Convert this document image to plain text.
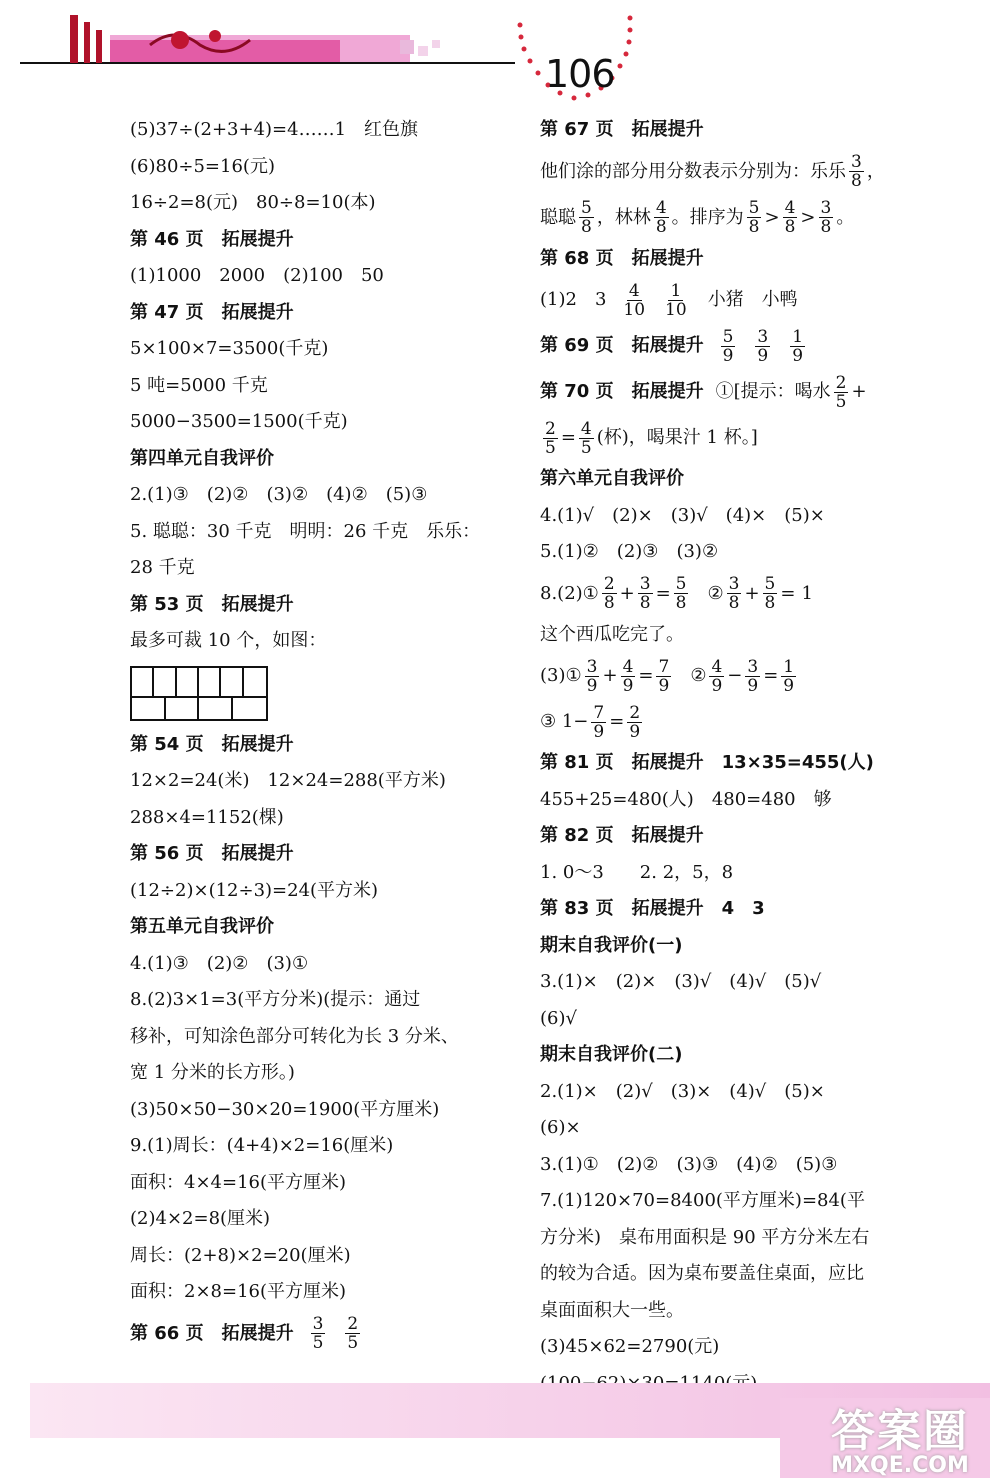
106
(5)37÷(2+3+4)=4……1　红色旗
(6)80÷5=16(元)
16÷2=8(元)　80÷8=10(本)
第 46 页　拓展提升
(1)1000　2000　(2)100　50
第 47 页　拓展提升
5×100×7=3500(千克)
5 吨=5000 千克
5000−3500=1500(千克)
第四单元自我评价
2.(1)③　(2)②　(3)②　(4)②　(5)③
5. 聪聪：30 千克　明明：26 千克　乐乐：
28 千克
第 53 页　拓展提升
最多可裁 10 个，如图：
第 54 页　拓展提升
12×2=24(米)　12×24=288(平方米)
288×4=1152(棵)
第 56 页　拓展提升
(12÷2)×(12÷3)=24(平方米)
第五单元自我评价
4.(1)③　(2)②　(3)①
8.(2)3×1=3(平方分米)(提示：通过
移补，可知涂色部分可转化为长 3 分米、
宽 1 分米的长方形。)
(3)50×50−30×20=1900(平方厘米)
9.(1)周长：(4+4)×2=16(厘米)
面积：4×4=16(平方厘米)
(2)4×2=8(厘米)
周长：(2+8)×2=20(厘米)
面积：2×8=16(平方厘米)
第 66 页　拓展提升 $\frac{3}{5} \frac{2}{5}$
第 67 页　拓展提升
他们涂的部分用分数表示分别为：乐乐 $\frac{3}{8}$ ，
聪聪 $\frac{5}{8}$ ，林林 $\frac{4}{8}$ 。排序为 $\frac{5}{8} > \frac{4}{8} > \frac{3}{8}$ 。
第 68 页　拓展提升
(1)2　$3 \frac{4}{10} \frac{1}{10}$ 小猪　小鸭
第 69 页　拓展提升 $\frac{5}{9} \frac{3}{9} \frac{1}{9}$
第 70 页　拓展提升 ①[提示：喝水 $\frac{2}{5}$ +
$\frac{2}{5} = \frac{4}{5}$ (杯)，喝果汁 1 杯。]
第六单元自我评价
4.(1)√　(2)×　(3)√　(4)×　(5)×
5.(1)②　(2)③　(3)②
8.(2)① $\frac{2}{8} + \frac{3}{8} = \frac{5}{8}$ ② $\frac{3}{8} + \frac{5}{8} = 1$
这个西瓜吃完了。
(3)① $\frac{3}{9} + \frac{4}{9} = \frac{7}{9}$ ② $\frac{4}{9} - \frac{3}{9} = \frac{1}{9}$
③ $1- \frac{7}{9} = \frac{2}{9}$
第 81 页　拓展提升　13×35=455(人)
455+25=480(人)　480=480　够
第 82 页　拓展提升
1. 0～3　　2. 2，5，8
第 83 页　拓展提升　4　3
期末自我评价(一)
3.(1)×　(2)×　(3)√　(4)√　(5)√
(6)√
期末自我评价(二)
2.(1)×　(2)√　(3)×　(4)√　(5)×
(6)×
3.(1)①　(2)②　(3)③　(4)②　(5)③
7.(1)120×70=8400(平方厘米)=84(平
方分米)　桌布用面积是 90 平方分米左右
的较为合适。因为桌布要盖住桌面，应比
桌面面积大一些。
(3)45×62=2790(元)
答案圈
MXQE.COM
